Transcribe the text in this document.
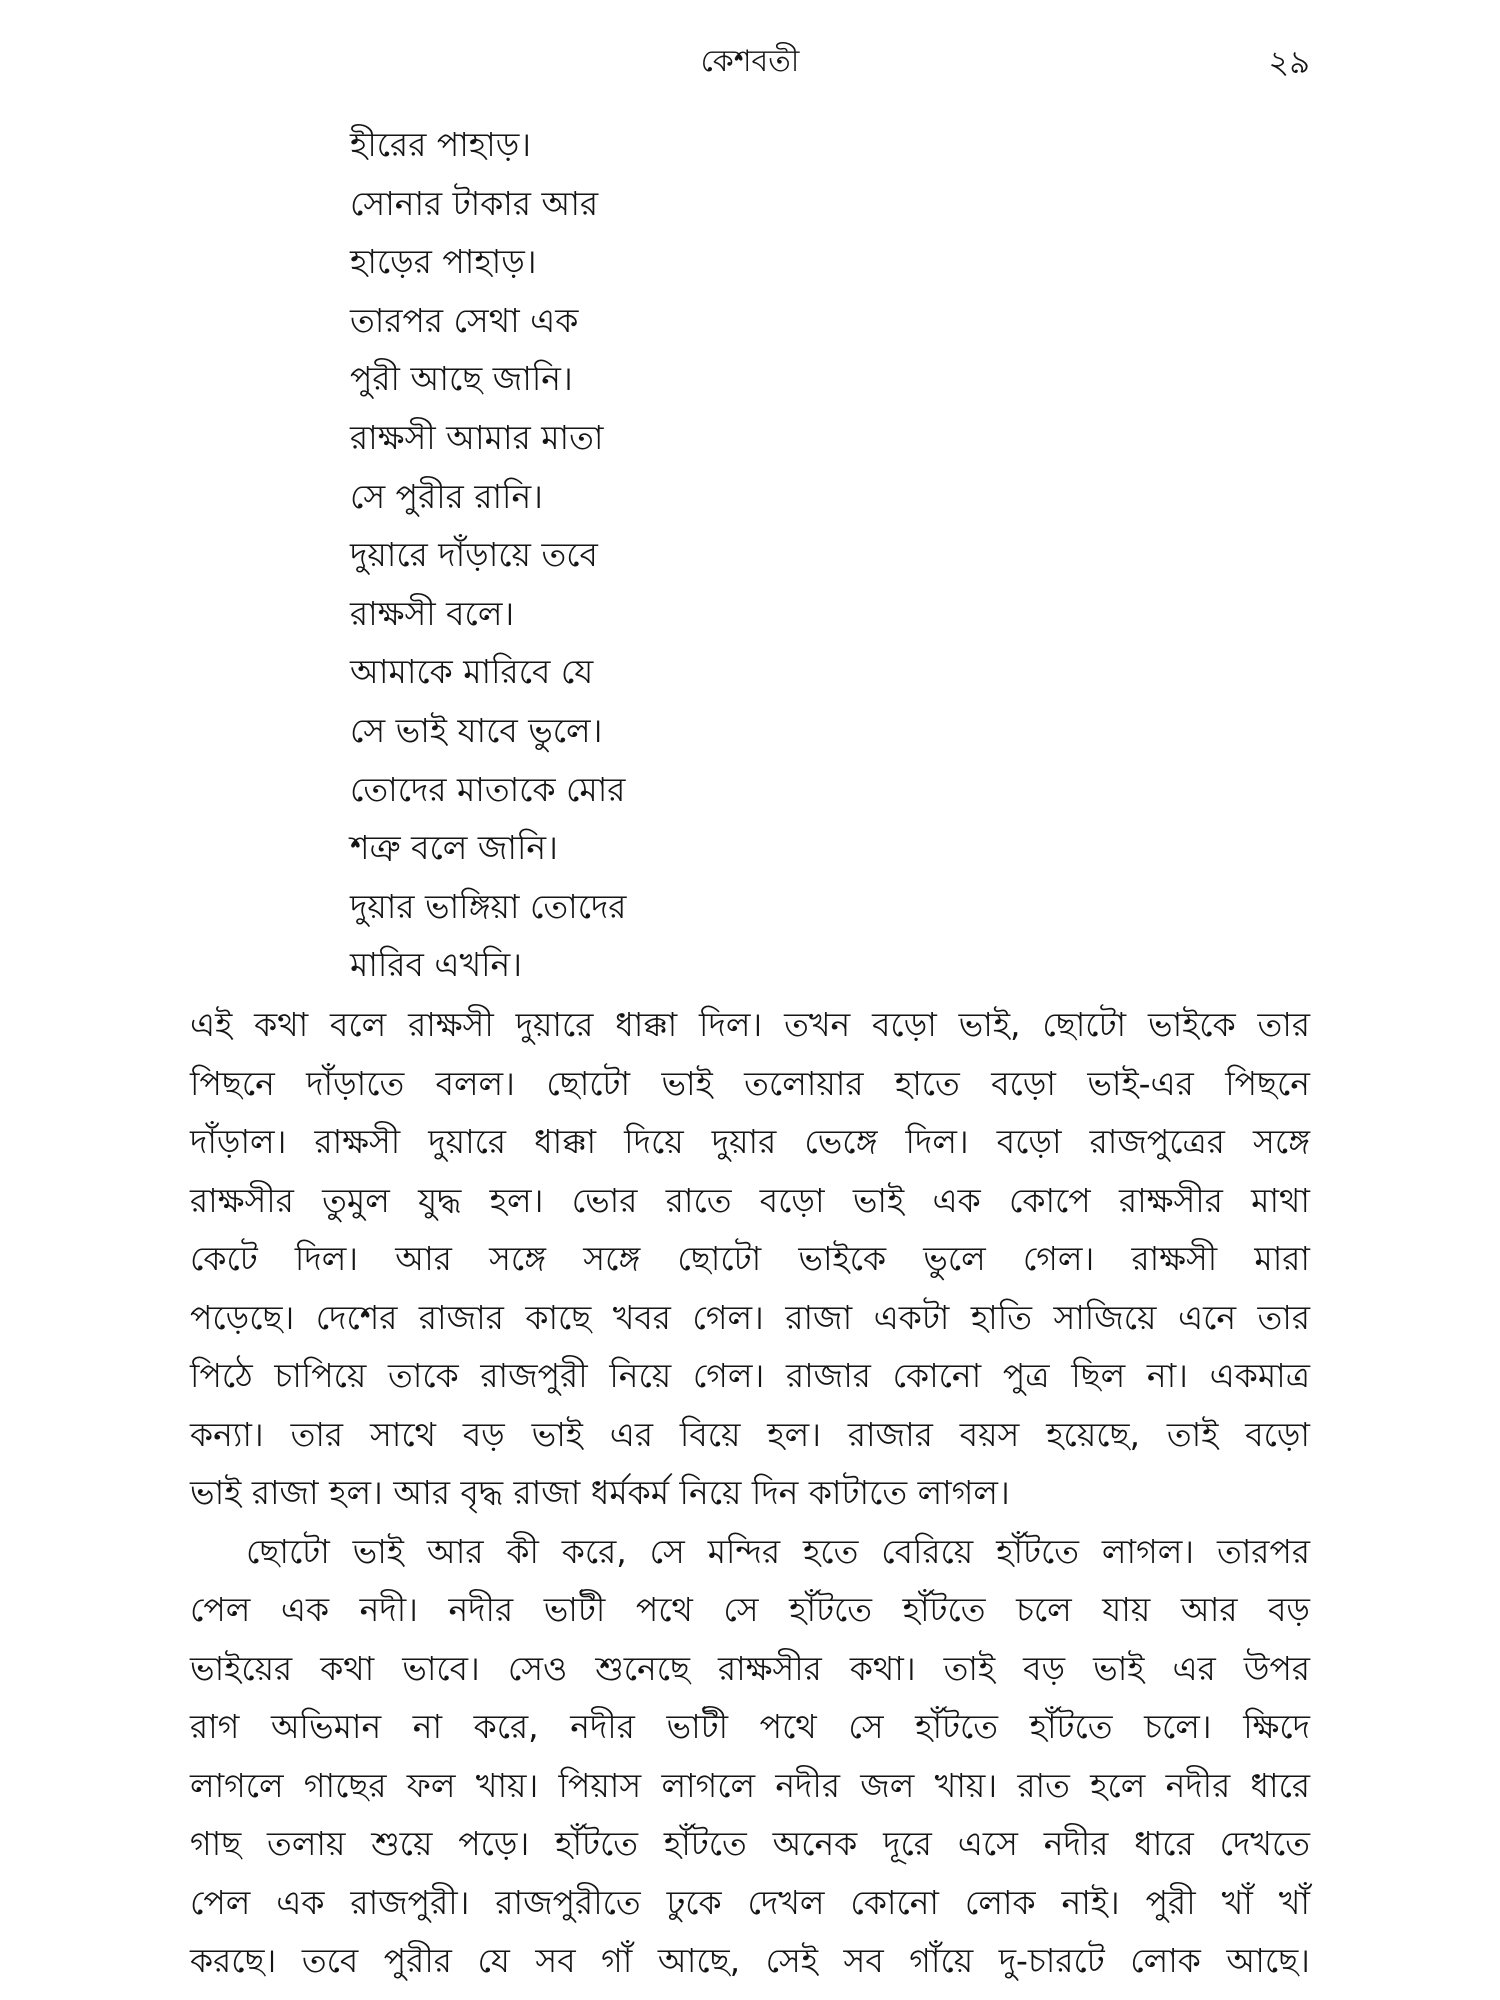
কেশবতী	২৯
হীরের পাহাড়।
সোনার টাকার আর
হাড়ের পাহাড়।
তারপর সেথা এক
পুরী আছে জানি।
রাক্ষসী আমার মাতা
সে পুরীর রানি।
দুয়ারে দাঁড়ায়ে তবে
রাক্ষসী বলে।
আমাকে মারিবে যে
সে ভাই যাবে ভুলে।
তোদের মাতাকে মোর
শত্রু বলে জানি।
দুয়ার ভাঙ্গিয়া তোদের
মারিব এখনি।
এই কথা বলে রাক্ষসী দুয়ারে ধাক্কা দিল। তখন বড়ো ভাই, ছোটো ভাইকে তার
পিছনে দাঁড়াতে বলল। ছোটো ভাই তলোয়ার হাতে বড়ো ভাই-এর পিছনে
দাঁড়াল। রাক্ষসী দুয়ারে ধাক্কা দিয়ে দুয়ার ভেঙ্গে দিল। বড়ো রাজপুত্রের সঙ্গে
রাক্ষসীর তুমুল যুদ্ধ হল। ভোর রাতে বড়ো ভাই এক কোপে রাক্ষসীর মাথা
কেটে দিল। আর সঙ্গে সঙ্গে ছোটো ভাইকে ভুলে গেল। রাক্ষসী মারা
পড়েছে। দেশের রাজার কাছে খবর গেল। রাজা একটা হাতি সাজিয়ে এনে তার
পিঠে চাপিয়ে তাকে রাজপুরী নিয়ে গেল। রাজার কোনো পুত্র ছিল না। একমাত্র
কন্যা। তার সাথে বড় ভাই এর বিয়ে হল। রাজার বয়স হয়েছে, তাই বড়ো
ভাই রাজা হল। আর বৃদ্ধ রাজা ধর্মকর্ম নিয়ে দিন কাটাতে লাগল।
ছোটো ভাই আর কী করে, সে মন্দির হতে বেরিয়ে হাঁটতে লাগল। তারপর
পেল এক নদী। নদীর ভাটী পথে সে হাঁটতে হাঁটতে চলে যায় আর বড়
ভাইয়ের কথা ভাবে। সেও শুনেছে রাক্ষসীর কথা। তাই বড় ভাই এর উপর
রাগ অভিমান না করে, নদীর ভাটী পথে সে হাঁটতে হাঁটতে চলে। ক্ষিদে
লাগলে গাছের ফল খায়। পিয়াস লাগলে নদীর জল খায়। রাত হলে নদীর ধারে
গাছ তলায় শুয়ে পড়ে। হাঁটতে হাঁটতে অনেক দূরে এসে নদীর ধারে দেখতে
পেল এক রাজপুরী। রাজপুরীতে ঢুকে দেখল কোনো লোক নাই। পুরী খাঁ খাঁ
করছে। তবে পুরীর যে সব গাঁ আছে, সেই সব গাঁয়ে দু-চারটে লোক আছে।
